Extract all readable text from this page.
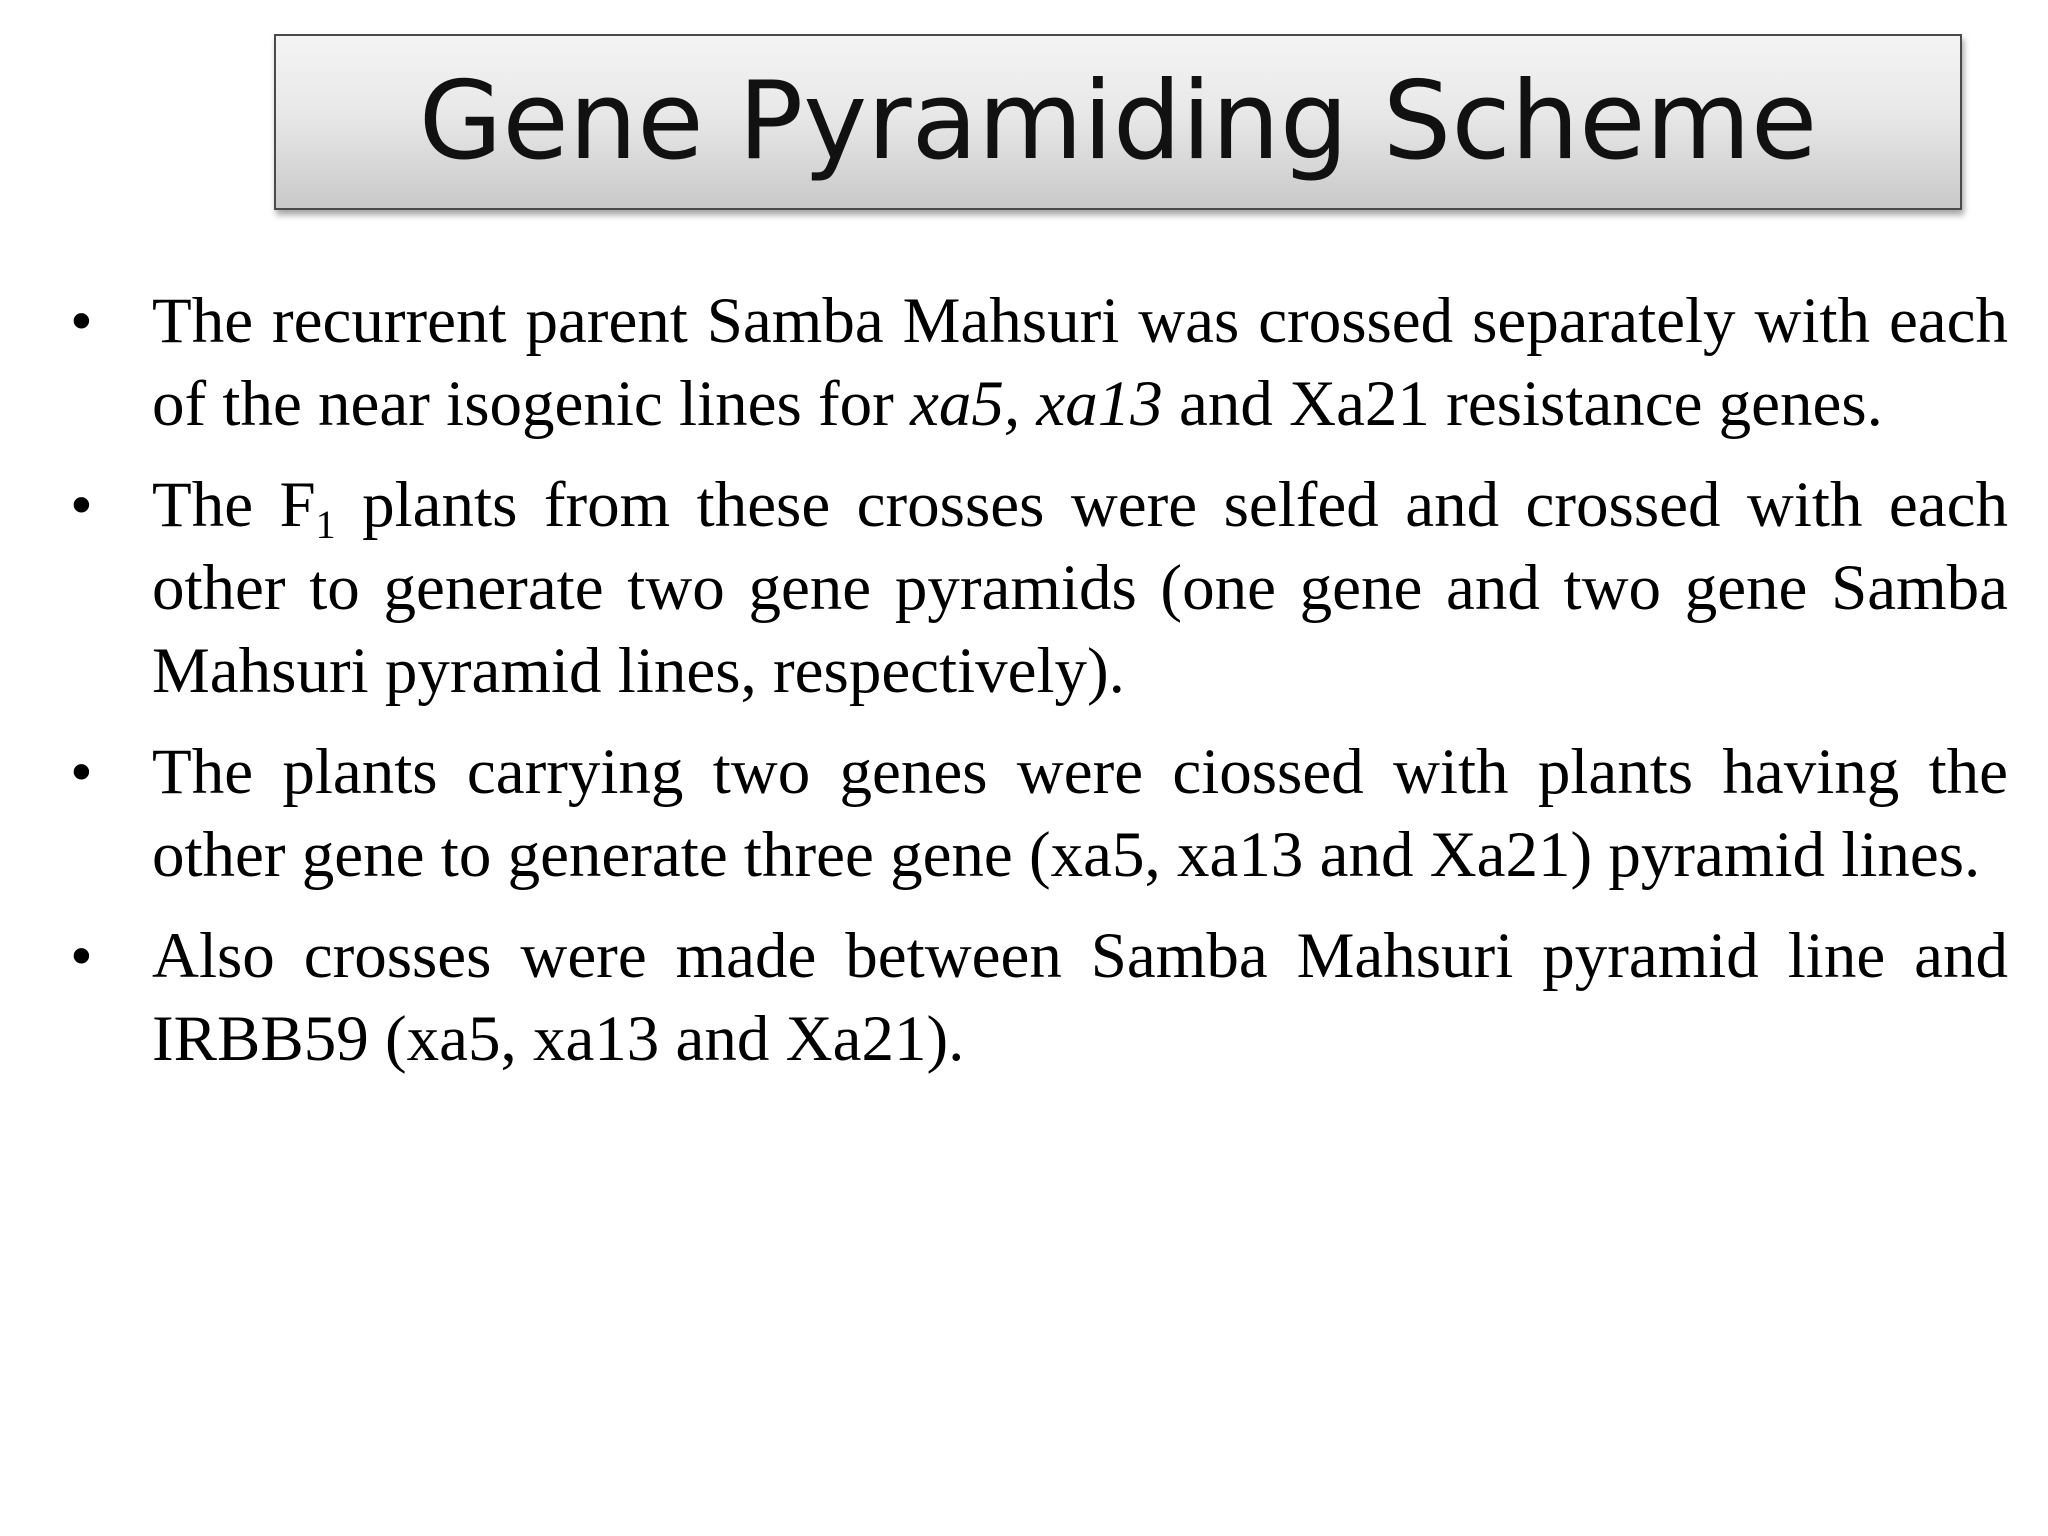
Gene Pyramiding Scheme
• The recurrent parent Samba Mahsuri was crossed separately with each of the near isogenic lines for xa5, xa13 and Xa21 resistance genes.
• The $F_1$ plants from these crosses were selfed and crossed with each other to generate two gene pyramids (one gene and two gene Samba Mahsuri pyramid lines, respectively).
• The plants carrying two genes were ciossed with plants having the other gene to generate three gene (xa5, xa13 and Xa21) pyramid lines.
• Also crosses were made between Samba Mahsuri pyramid line and IRBB59 (xa5, xa13 and Xa21).
